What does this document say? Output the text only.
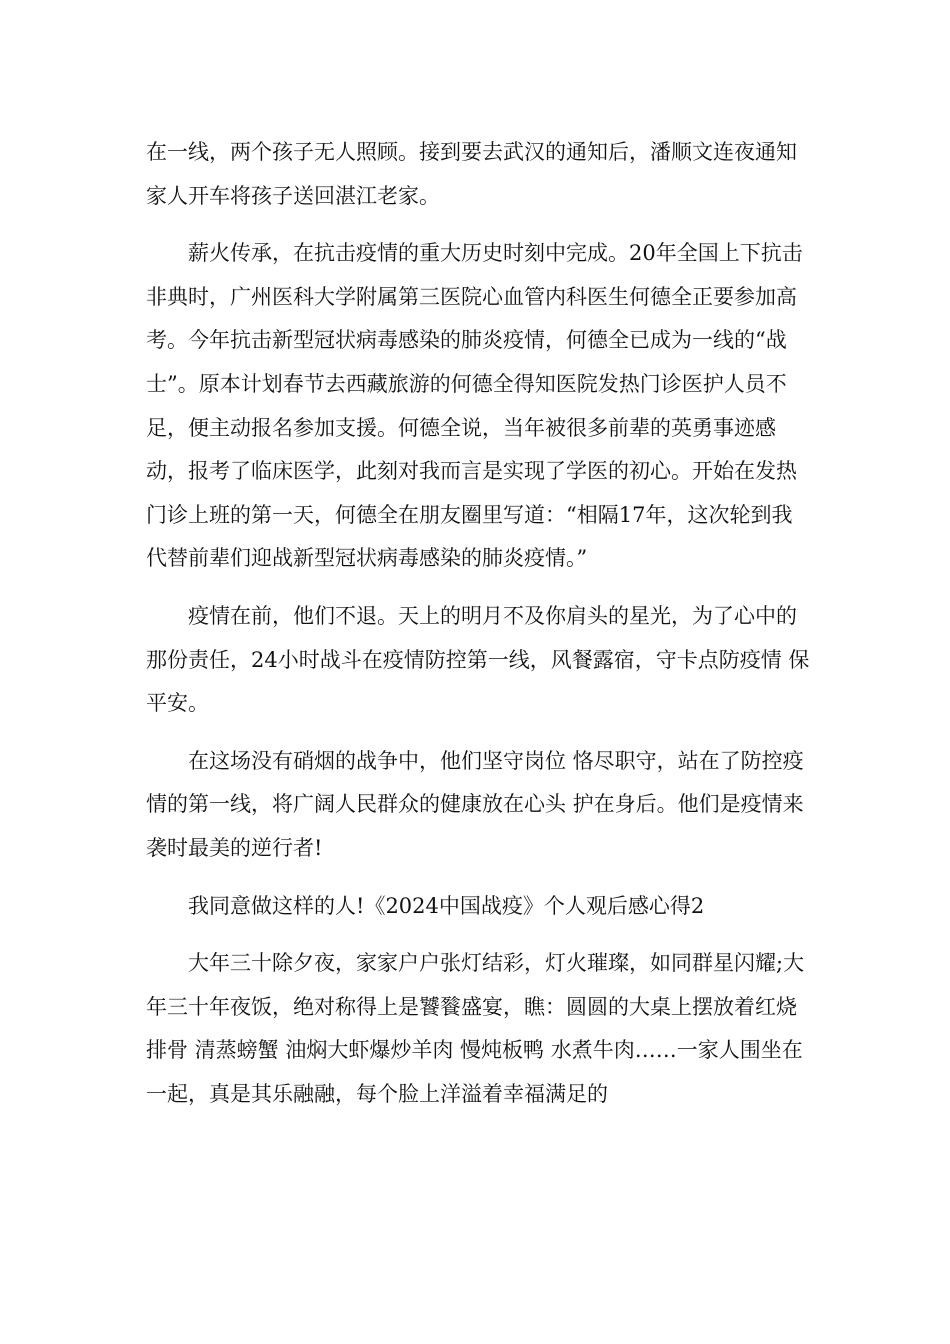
在一线，两个孩子无人照顾。接到要去武汉的通知后，潘顺文连夜通知家人开车将孩子送回湛江老家。

薪火传承，在抗击疫情的重大历史时刻中完成。20年全国上下抗击非典时，广州医科大学附属第三医院心血管内科医生何德全正要参加高考。今年抗击新型冠状病毒感染的肺炎疫情，何德全已成为一线的“战士”。原本计划春节去西藏旅游的何德全得知医院发热门诊医护人员不足，便主动报名参加支援。何德全说，当年被很多前辈的英勇事迹感动，报考了临床医学，此刻对我而言是实现了学医的初心。开始在发热门诊上班的第一天，何德全在朋友圈里写道：“相隔17年，这次轮到我代替前辈们迎战新型冠状病毒感染的肺炎疫情。”

疫情在前，他们不退。天上的明月不及你肩头的星光，为了心中的那份责任，24小时战斗在疫情防控第一线，风餐露宿，守卡点防疫情 保平安。

在这场没有硝烟的战争中，他们坚守岗位 恪尽职守，站在了防控疫情的第一线，将广阔人民群众的健康放在心头 护在身后。他们是疫情来袭时最美的逆行者!

我同意做这样的人!《2024中国战疫》个人观后感心得2

大年三十除夕夜，家家户户张灯结彩，灯火璀璨，如同群星闪耀;大年三十年夜饭，绝对称得上是饕餮盛宴，瞧：圆圆的大桌上摆放着红烧排骨 清蒸螃蟹 油焖大虾爆炒羊肉 慢炖板鸭 水煮牛肉……一家人围坐在一起，真是其乐融融，每个脸上洋溢着幸福满足的
